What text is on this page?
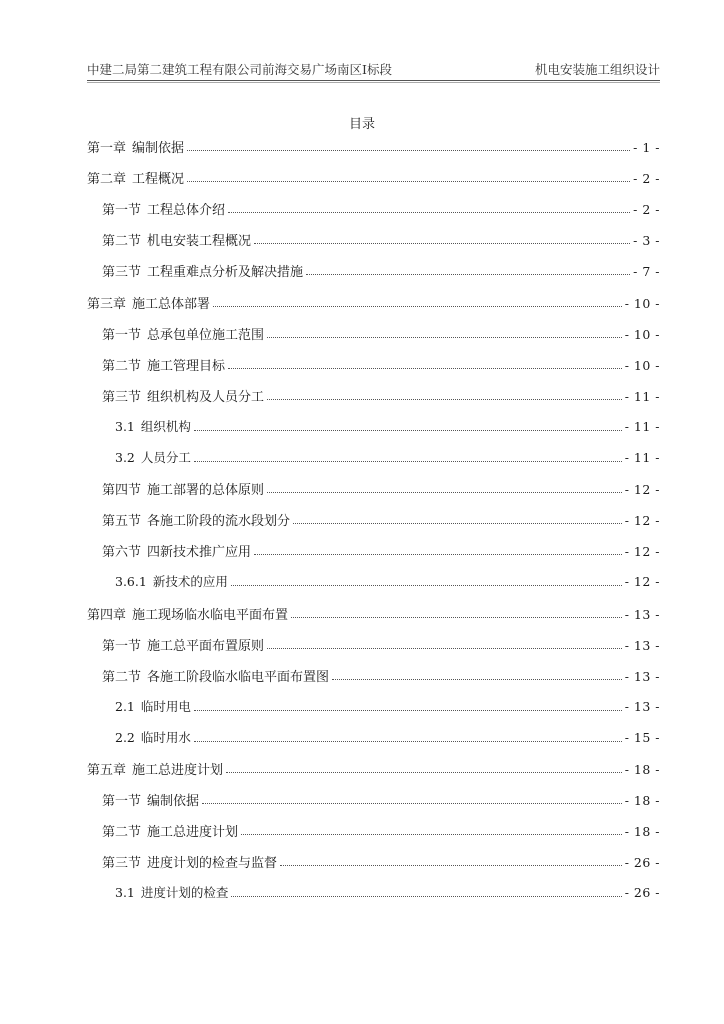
中建二局第二建筑工程有限公司前海交易广场南区Ⅰ标段	机电安装施工组织设计
目录
第一章 编制依据	- 1 -
第二章 工程概况	- 2 -
第一节 工程总体介绍	- 2 -
第二节 机电安装工程概况	- 3 -
第三节 工程重难点分析及解决措施	- 7 -
第三章 施工总体部署	- 10 -
第一节 总承包单位施工范围	- 10 -
第二节 施工管理目标	- 10 -
第三节 组织机构及人员分工	- 11 -
3.1 组织机构	- 11 -
3.2 人员分工	- 11 -
第四节 施工部署的总体原则	- 12 -
第五节 各施工阶段的流水段划分	- 12 -
第六节 四新技术推广应用	- 12 -
3.6.1 新技术的应用	- 12 -
第四章 施工现场临水临电平面布置	- 13 -
第一节 施工总平面布置原则	- 13 -
第二节 各施工阶段临水临电平面布置图	- 13 -
2.1 临时用电	- 13 -
2.2 临时用水	- 15 -
第五章 施工总进度计划	- 18 -
第一节 编制依据	- 18 -
第二节 施工总进度计划	- 18 -
第三节 进度计划的检查与监督	- 26 -
3.1 进度计划的检查	- 26 -
